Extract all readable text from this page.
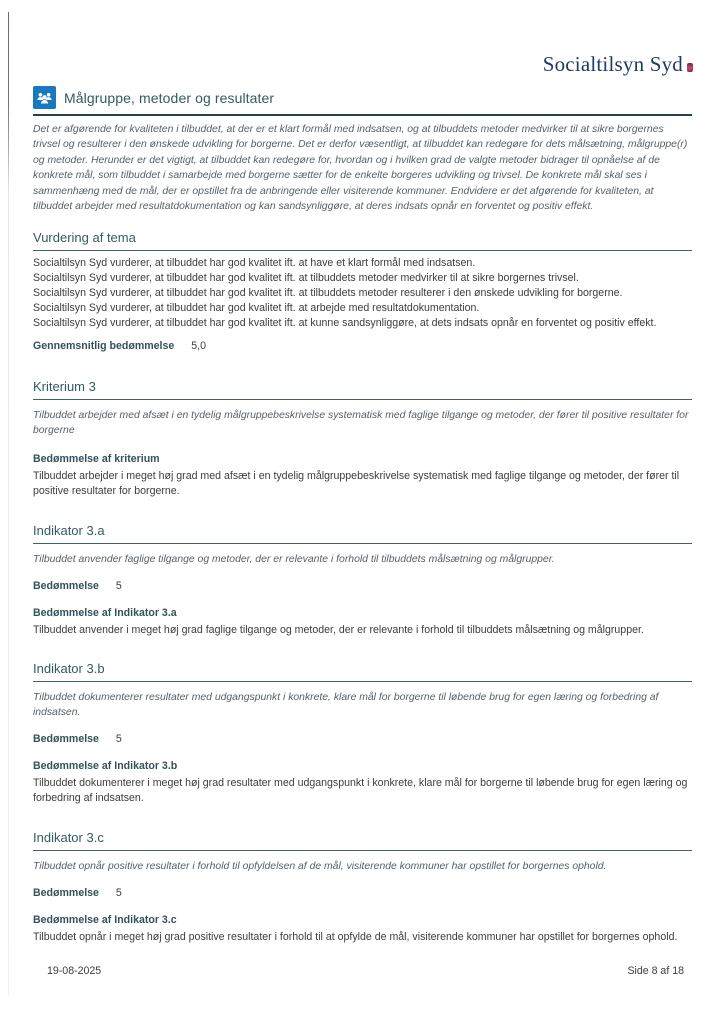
Socialtilsyn Syd
Målgruppe, metoder og resultater
Det er afgørende for kvaliteten i tilbuddet, at der er et klart formål med indsatsen, og at tilbuddets metoder medvirker til at sikre borgernes trivsel og resulterer i den ønskede udvikling for borgerne. Det er derfor væsentligt, at tilbuddet kan redegøre for dets målsætning, målgruppe(r) og metoder. Herunder er det vigtigt, at tilbuddet kan redegøre for, hvordan og i hvilken grad de valgte metoder bidrager til opnåelse af de konkrete mål, som tilbuddet i samarbejde med borgerne sætter for de enkelte borgeres udvikling og trivsel. De konkrete mål skal ses i sammenhæng med de mål, der er opstillet fra de anbringende eller visiterende kommuner. Endvidere er det afgørende for kvaliteten, at tilbuddet arbejder med resultatdokumentation og kan sandsynliggøre, at deres indsats opnår en forventet og positiv effekt.
Vurdering af tema
Socialtilsyn Syd vurderer, at tilbuddet har god kvalitet ift. at have et klart formål med indsatsen.
Socialtilsyn Syd vurderer, at tilbuddet har god kvalitet ift. at tilbuddets metoder medvirker til at sikre borgernes trivsel.
Socialtilsyn Syd vurderer, at tilbuddet har god kvalitet ift. at tilbuddets metoder resulterer i den ønskede udvikling for borgerne.
Socialtilsyn Syd vurderer, at tilbuddet har god kvalitet ift. at arbejde med resultatdokumentation.
Socialtilsyn Syd vurderer, at tilbuddet har god kvalitet ift. at kunne sandsynliggøre, at dets indsats opnår en forventet og positiv effekt.
Gennemsnitlig bedømmelse 5,0
Kriterium 3
Tilbuddet arbejder med afsæt i en tydelig målgruppebeskrivelse systematisk med faglige tilgange og metoder, der fører til positive resultater for borgerne
Bedømmelse af kriterium
Tilbuddet arbejder i meget høj grad med afsæt i en tydelig målgruppebeskrivelse systematisk med faglige tilgange og metoder, der fører til positive resultater for borgerne.
Indikator 3.a
Tilbuddet anvender faglige tilgange og metoder, der er relevante i forhold til tilbuddets målsætning og målgrupper.
Bedømmelse 5
Bedømmelse af Indikator 3.a
Tilbuddet anvender i meget høj grad faglige tilgange og metoder, der er relevante i forhold til tilbuddets målsætning og målgrupper.
Indikator 3.b
Tilbuddet dokumenterer resultater med udgangspunkt i konkrete, klare mål for borgerne til løbende brug for egen læring og forbedring af indsatsen.
Bedømmelse 5
Bedømmelse af Indikator 3.b
Tilbuddet dokumenterer i meget høj grad resultater med udgangspunkt i konkrete, klare mål for borgerne til løbende brug for egen læring og forbedring af indsatsen.
Indikator 3.c
Tilbuddet opnår positive resultater i forhold til opfyldelsen af de mål, visiterende kommuner har opstillet for borgernes ophold.
Bedømmelse 5
Bedømmelse af Indikator 3.c
Tilbuddet opnår i meget høj grad positive resultater i forhold til at opfylde de mål, visiterende kommuner har opstillet for borgernes ophold.
19-08-2025	Side 8 af 18
